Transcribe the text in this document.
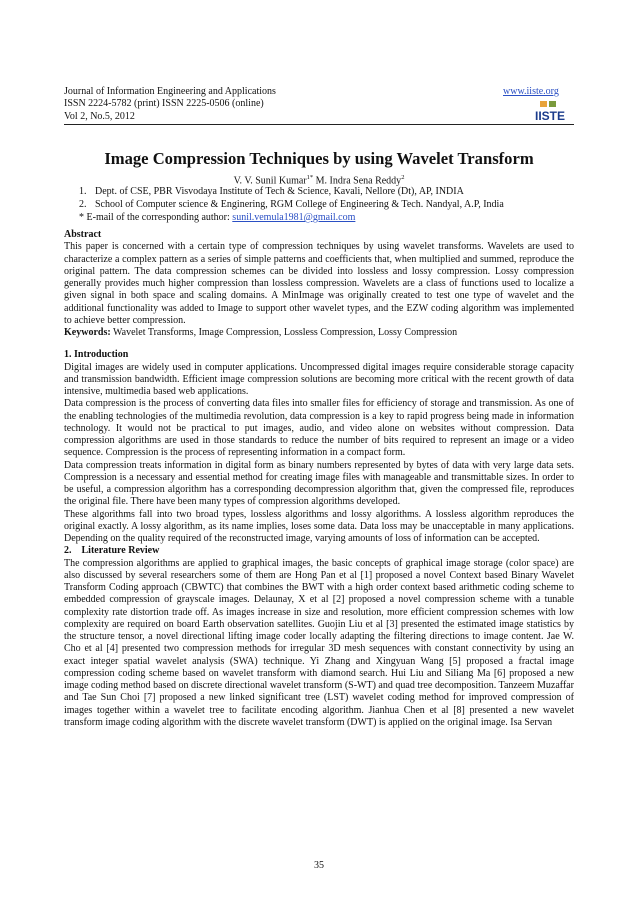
Journal of Information Engineering and Applications
ISSN 2224-5782 (print) ISSN 2225-0506 (online)
Vol 2, No.5, 2012
www.iiste.org
IISTE
Image Compression Techniques by using Wavelet Transform
V. V. Sunil Kumar$^{1*}$ M. Indra Sena Reddy$^2$
1. Dept. of CSE, PBR Visvodaya Institute of Tech & Science, Kavali, Nellore (Dt), AP, INDIA
2. School of Computer science & Enginering, RGM College of Engineering & Tech. Nandyal, A.P, India
* E-mail of the corresponding author: sunil.vemula1981@gmail.com
Abstract

This paper is concerned with a certain type of compression techniques by using wavelet transforms. Wavelets are used to characterize a complex pattern as a series of simple patterns and coefficients that, when multiplied and summed, reproduce the original pattern. The data compression schemes can be divided into lossless and lossy compression. Lossy compression generally provides much higher compression than lossless compression. Wavelets are a class of functions used to localize a given signal in both space and scaling domains. A MinImage was originally created to test one type of wavelet and the additional functionality was added to Image to support other wavelet types, and the EZW coding algorithm was implemented to achieve better compression.

Keywords: Wavelet Transforms, Image Compression, Lossless Compression, Lossy Compression

1. Introduction

Digital images are widely used in computer applications. Uncompressed digital images require considerable storage capacity and transmission bandwidth. Efficient image compression solutions are becoming more critical with the recent growth of data intensive, multimedia based web applications.

Data compression is the process of converting data files into smaller files for efficiency of storage and transmission. As one of the enabling technologies of the multimedia revolution, data compression is a key to rapid progress being made in information technology. It would not be practical to put images, audio, and video alone on websites without compression. Data compression algorithms are used in those standards to reduce the number of bits required to represent an image or a video sequence. Compression is the process of representing information in a compact form.

Data compression treats information in digital form as binary numbers represented by bytes of data with very large data sets. Compression is a necessary and essential method for creating image files with manageable and transmittable sizes. In order to be useful, a compression algorithm has a corresponding decompression algorithm that, given the compressed file, reproduces the original file. There have been many types of compression algorithms developed.

These algorithms fall into two broad types, lossless algorithms and lossy algorithms. A lossless algorithm reproduces the original exactly. A lossy algorithm, as its name implies, loses some data. Data loss may be unacceptable in many applications. Depending on the quality required of the reconstructed image, varying amounts of loss of information can be accepted.

2.    Literature Review

The compression algorithms are applied to graphical images, the basic concepts of graphical image storage (color space) are also discussed by several researchers some of them are Hong Pan et al [1] proposed a novel Context based Binary Wavelet Transform Coding approach (CBWTC) that combines the BWT with a high order context based arithmetic coding scheme to embedded compression of grayscale images. Delaunay, X et al [2] proposed a novel compression scheme with a tunable complexity rate distortion trade off. As images increase in size and resolution, more efficient compression schemes with low complexity are required on board Earth observation satellites. Guojin Liu et al [3] presented the estimated image statistics by the structure tensor, a novel directional lifting image coder locally adapting the filtering directions to image content. Jae W. Cho et al [4] presented two compression methods for irregular 3D mesh sequences with constant connectivity by using an exact integer spatial wavelet analysis (SWA) technique. Yi Zhang and Xingyuan Wang [5] proposed a fractal image compression coding scheme based on wavelet transform with diamond search. Hui Liu and Siliang Ma [6] proposed a new image coding method based on discrete directional wavelet transform (S-WT) and quad tree decomposition. Tanzeem Muzaffar and Tae Sun Choi [7] proposed a new linked significant tree (LST) wavelet coding method for improved compression of images together within a wavelet tree to facilitate encoding algorithm. Jianhua Chen et al [8] presented a new wavelet transform image coding algorithm with the discrete wavelet transform (DWT) is applied on the original image. Isa Servan

35
